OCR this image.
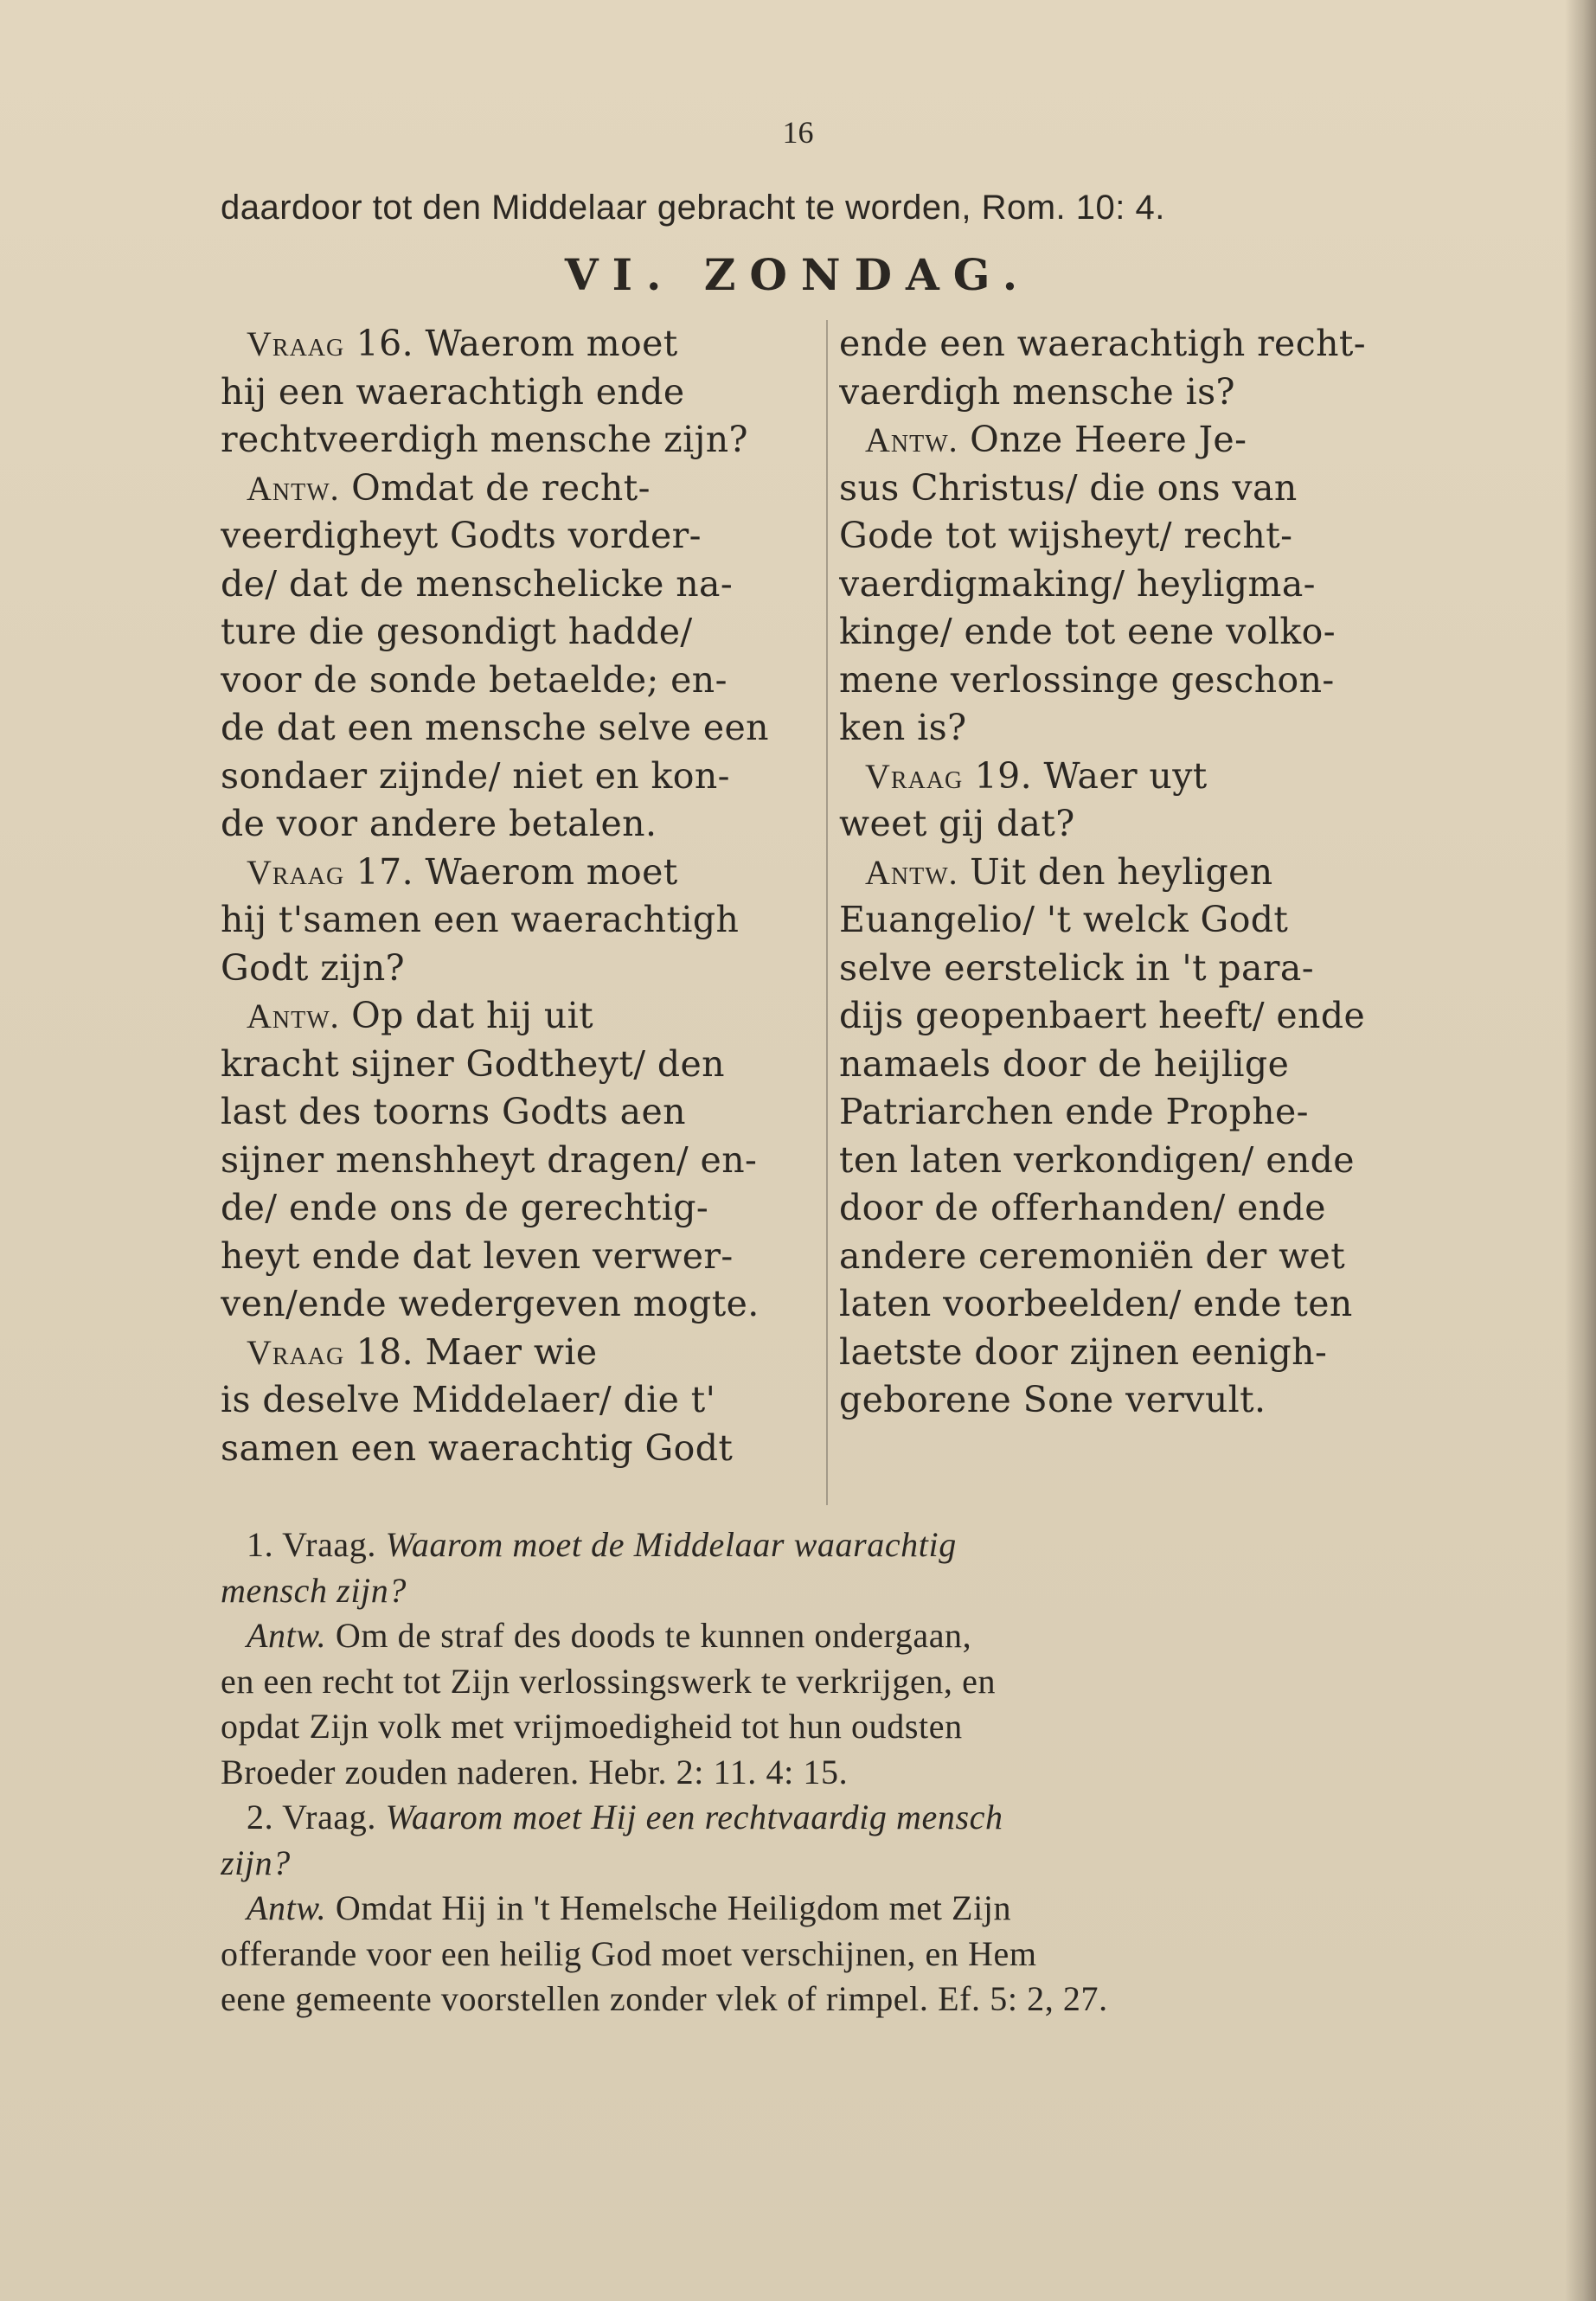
16
daardoor tot den Middelaar gebracht te worden, Rom. 10: 4.
VI. ZONDAG.
Vraag 16. Waerom moet
hij een waerachtigh ende
rechtveerdigh mensche zijn?
Antw. Omdat de recht-
veerdigheyt Godts vorder-
de/ dat de menschelicke na-
ture die gesondigt hadde/
voor de sonde betaelde; en-
de dat een mensche selve een
sondaer zijnde/ niet en kon-
de voor andere betalen.
Vraag 17. Waerom moet
hij t'samen een waerachtigh
Godt zijn?
Antw. Op dat hij uit
kracht sijner Godtheyt/ den
last des toorns Godts aen
sijner menshheyt dragen/ en-
de/ ende ons de gerechtig-
heyt ende dat leven verwer-
ven/ende wedergeven mogte.
Vraag 18. Maer wie
is deselve Middelaer/ die t'
samen een waerachtig Godt
ende een waerachtigh recht-
vaerdigh mensche is?
Antw. Onze Heere Je-
sus Christus/ die ons van
Gode tot wijsheyt/ recht-
vaerdigmaking/ heyligma-
kinge/ ende tot eene volko-
mene verlossinge geschon-
ken is?
Vraag 19. Waer uyt
weet gij dat?
Antw. Uit den heyligen
Euangelio/ 't welck Godt
selve eerstelick in 't para-
dijs geopenbaert heeft/ ende
namaels door de heijlige
Patriarchen ende Prophe-
ten laten verkondigen/ ende
door de offerhanden/ ende
andere ceremoniën der wet
laten voorbeelden/ ende ten
laetste door zijnen eenigh-
geborene Sone vervult.
1. Vraag. Waarom moet de Middelaar waarachtig
mensch zijn?
Antw. Om de straf des doods te kunnen ondergaan,
en een recht tot Zijn verlossingswerk te verkrijgen, en
opdat Zijn volk met vrijmoedigheid tot hun oudsten
Broeder zouden naderen. Hebr. 2: 11. 4: 15.
2. Vraag. Waarom moet Hij een rechtvaardig mensch
zijn?
Antw. Omdat Hij in 't Hemelsche Heiligdom met Zijn
offerande voor een heilig God moet verschijnen, en Hem
eene gemeente voorstellen zonder vlek of rimpel. Ef. 5: 2, 27.
